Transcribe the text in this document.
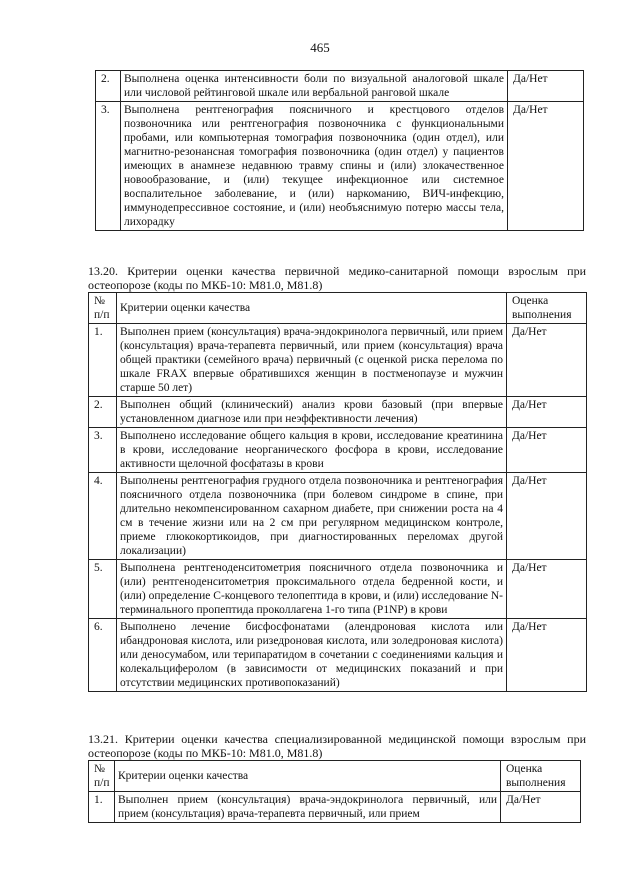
465
2.	Выполнена оценка интенсивности боли по визуальной аналоговой шкале или числовой рейтинговой шкале или вербальной ранговой шкале	Да/Нет
3.	Выполнена рентгенография поясничного и крестцового отделов позвоночника или рентгенография позвоночника с функциональными пробами, или компьютерная томография позвоночника (один отдел), или магнитно-резонансная томография позвоночника (один отдел) у пациентов имеющих в анамнезе недавнюю травму спины и (или) злокачественное новообразование, и (или) текущее инфекционное или системное воспалительное заболевание, и (или) наркоманию, ВИЧ-инфекцию, иммунодепрессивное состояние, и (или) необъяснимую потерю массы тела, лихорадку	Да/Нет
13.20. Критерии оценки качества первичной медико-санитарной помощи взрослым при остеопорозе (коды по МКБ-10: M81.0, M81.8)
№ п/п	Критерии оценки качества	Оценка выполнения
1.	Выполнен прием (консультация) врача-эндокринолога первичный, или прием (консультация) врача-терапевта первичный, или прием (консультация) врача общей практики (семейного врача) первичный (с оценкой риска перелома по шкале FRAX впервые обратившихся женщин в постменопаузе и мужчин старше 50 лет)	Да/Нет
2.	Выполнен общий (клинический) анализ крови базовый (при впервые установленном диагнозе или при неэффективности лечения)	Да/Нет
3.	Выполнено исследование общего кальция в крови, исследование креатинина в крови, исследование неорганического фосфора в крови, исследование активности щелочной фосфатазы в крови	Да/Нет
4.	Выполнены рентгенография грудного отдела позвоночника и рентгенография поясничного отдела позвоночника (при болевом синдроме в спине, при длительно некомпенсированном сахарном диабете, при снижении роста на 4 см в течение жизни или на 2 см при регулярном медицинском контроле, приеме глюкокортикоидов, при диагностированных переломах другой локализации)	Да/Нет
5.	Выполнена рентгеноденситометрия поясничного отдела позвоночника и (или) рентгеноденситометрия проксимального отдела бедренной кости, и (или) определение С-концевого телопептида в крови, и (или) исследование N-терминального пропептида проколлагена 1-го типа (P1NP) в крови	Да/Нет
6.	Выполнено лечение бисфосфонатами (алендроновая кислота или ибандроновая кислота, или ризедроновая кислота, или золедроновая кислота) или деносумабом, или терипаратидом в сочетании с соединениями кальция и колекальциферолом (в зависимости от медицинских показаний и при отсутствии медицинских противопоказаний)	Да/Нет
13.21. Критерии оценки качества специализированной медицинской помощи взрослым при остеопорозе (коды по МКБ-10: M81.0, M81.8)
№ п/п	Критерии оценки качества	Оценка выполнения
1.	Выполнен прием (консультация) врача-эндокринолога первичный, или прием (консультация) врача-терапевта первичный, или прием	Да/Нет
